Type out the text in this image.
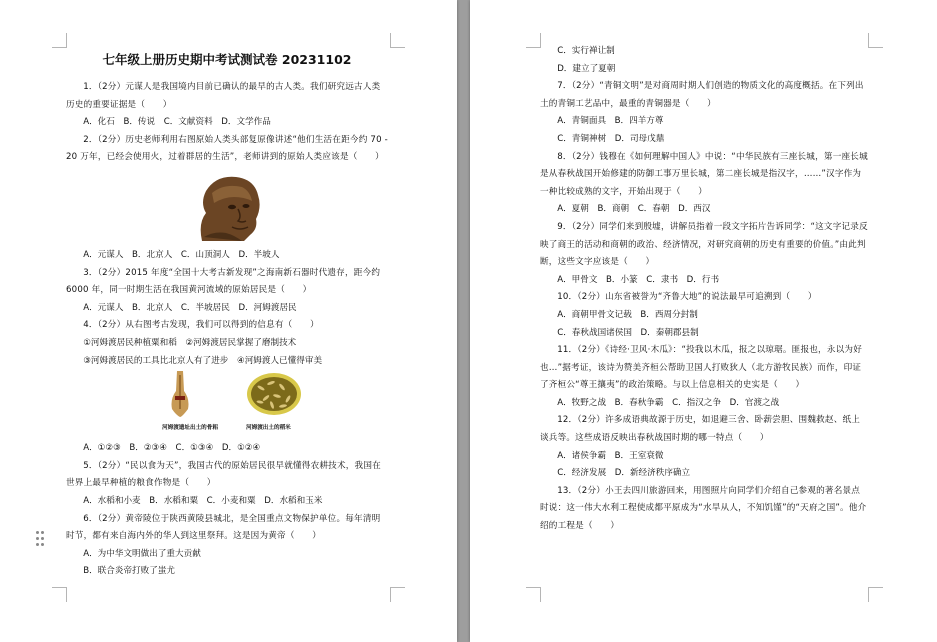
七年级上册历史期中考试测试卷 20231102
1．（2分）元谋人是我国境内目前已确认的最早的古人类。我们研究远古人类历史的重要证据是（　　）
A．化石　B．传说　C．文献资料　D．文学作品
2．（2分）历史老师利用右图原始人类头部复原像讲述“他们生活在距今约 70 - 20 万年，已经会使用火，过着群居的生活”，老师讲到的原始人类应该是（　　）
A．元谋人　B．北京人　C．山顶洞人　D．半坡人
3．（2分）2015 年度“全国十大考古新发现”之海南新石器时代遗存，距今约 6000 年，同一时期生活在我国黄河流域的原始居民是（　　）
A．元谋人　B．北京人　C．半坡居民　D．河姆渡居民
4．（2分）从右图考古发现，我们可以得到的信息有（　　）
①河姆渡居民种植粟和稻　②河姆渡居民掌握了磨制技术
③河姆渡居民的工具比北京人有了进步　④河姆渡人已懂得审美
河姆渡遗址出土的骨耜	河姆渡出土的稻米
A．①②③　B．②③④　C．①③④　D．①②④
5．（2分）“民以食为天”，我国古代的原始居民很早就懂得农耕技术，我国在世界上最早种植的粮食作物是（　　）
A．水稻和小麦　B．水稻和粟　C．小麦和粟　D．水稻和玉米
6．（2分）黄帝陵位于陕西黄陵县城北，是全国重点文物保护单位。每年清明时节，都有来自海内外的华人到这里祭拜。这是因为黄帝（　　）
A．为中华文明做出了重大贡献
B．联合炎帝打败了蚩尤
C．实行禅让制
D．建立了夏朝
7．（2分）“青铜文明”是对商周时期人们创造的物质文化的高度概括。在下列出土的青铜工艺品中，最重的青铜器是（　　）
A．青铜面具　B．四羊方尊
C．青铜神树　D．司母戊鼎
8．（2分）钱穆在《如何理解中国人》中说：“中华民族有三座长城，第一座长城是从春秋战国开始修建的防御工事万里长城，第二座长城是指汉字，……”汉字作为一种比较成熟的文字，开始出现于（　　）
A．夏朝　B．商朝　C．春朝　D．西汉
9．（2分）同学们来到殷墟，讲解员指着一段文字拓片告诉同学：“这文字记录反映了商王的活动和商朝的政治、经济情况，对研究商朝的历史有重要的价值。”由此判断，这些文字应该是（　　）
A．甲骨文　B．小篆　C．隶书　D．行书
10．（2分）山东省被誉为“齐鲁大地”的说法最早可追溯到（　　）
A．商朝甲骨文记载　B．西周分封制
C．春秋战国诸侯国　D．秦朝郡县制
11．（2分）《诗经·卫风·木瓜》：“投我以木瓜，报之以琼琚。匪报也，永以为好也…”据考证，该诗为赞美齐桓公帮助卫国人打败狄人（北方游牧民族）而作，印证了齐桓公“尊王攘夷”的政治策略。与以上信息相关的史实是（　　）
A．牧野之战　B．春秋争霸　C．指汉之争　D．官渡之战
12．（2分）许多成语典故源于历史，如退避三舍、卧薪尝胆、围魏救赵、纸上谈兵等。这些成语反映出春秋战国时期的哪一特点（　　）
A．诸侯争霸　B．王室衰微
C．经济发展　D．新经济秩序确立
13．（2分）小王去四川旅游回来，用图照片向同学们介绍自己参观的著名景点时说：这一伟大水利工程使成都平原成为“水旱从人，不知饥馑”的“天府之国”。他介绍的工程是（　　）
